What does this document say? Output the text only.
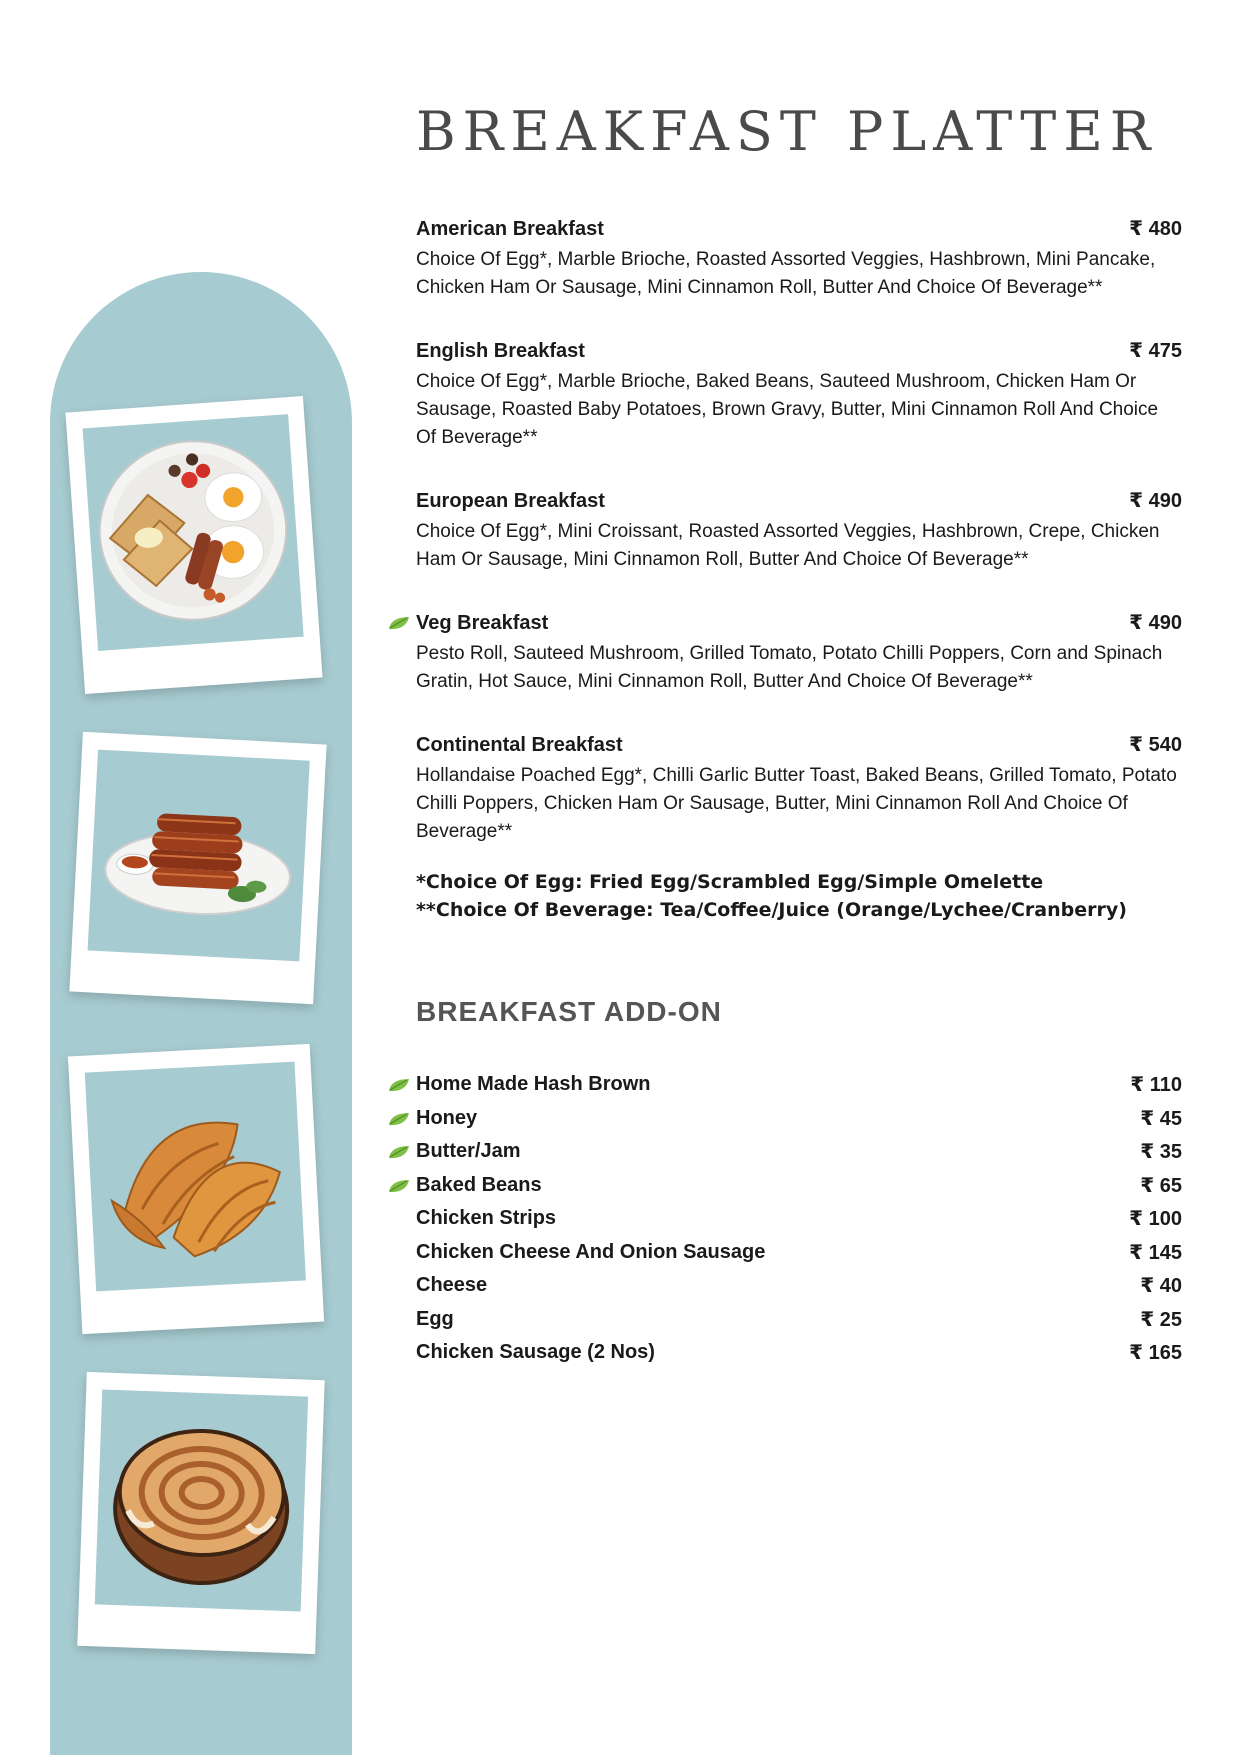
BREAKFAST PLATTER
American Breakfast	₹ 480
Choice Of Egg*, Marble Brioche, Roasted Assorted Veggies, Hashbrown, Mini Pancake, Chicken Ham Or Sausage, Mini Cinnamon Roll, Butter And Choice Of Beverage**
English Breakfast	₹ 475
Choice Of Egg*, Marble Brioche, Baked Beans, Sauteed Mushroom, Chicken Ham Or Sausage, Roasted Baby Potatoes, Brown Gravy, Butter, Mini Cinnamon Roll And Choice Of Beverage**
European Breakfast	₹ 490
Choice Of Egg*, Mini Croissant, Roasted Assorted Veggies, Hashbrown, Crepe, Chicken Ham Or Sausage, Mini Cinnamon Roll, Butter And Choice Of Beverage**
Veg Breakfast	₹ 490
Pesto Roll, Sauteed Mushroom, Grilled Tomato, Potato Chilli Poppers, Corn and Spinach Gratin, Hot Sauce, Mini Cinnamon Roll, Butter And Choice Of Beverage**
Continental Breakfast	₹ 540
Hollandaise Poached Egg*, Chilli Garlic Butter Toast, Baked Beans, Grilled Tomato, Potato Chilli Poppers, Chicken Ham Or Sausage, Butter, Mini Cinnamon Roll And Choice Of Beverage**
*Choice Of Egg: Fried Egg/Scrambled Egg/Simple Omelette
**Choice Of Beverage: Tea/Coffee/Juice (Orange/Lychee/Cranberry)
BREAKFAST ADD-ON
Home Made Hash Brown	₹ 110
Honey	₹ 45
Butter/Jam	₹ 35
Baked Beans	₹ 65
Chicken Strips	₹ 100
Chicken Cheese And Onion Sausage	₹ 145
Cheese	₹ 40
Egg	₹ 25
Chicken Sausage (2 Nos)	₹ 165
